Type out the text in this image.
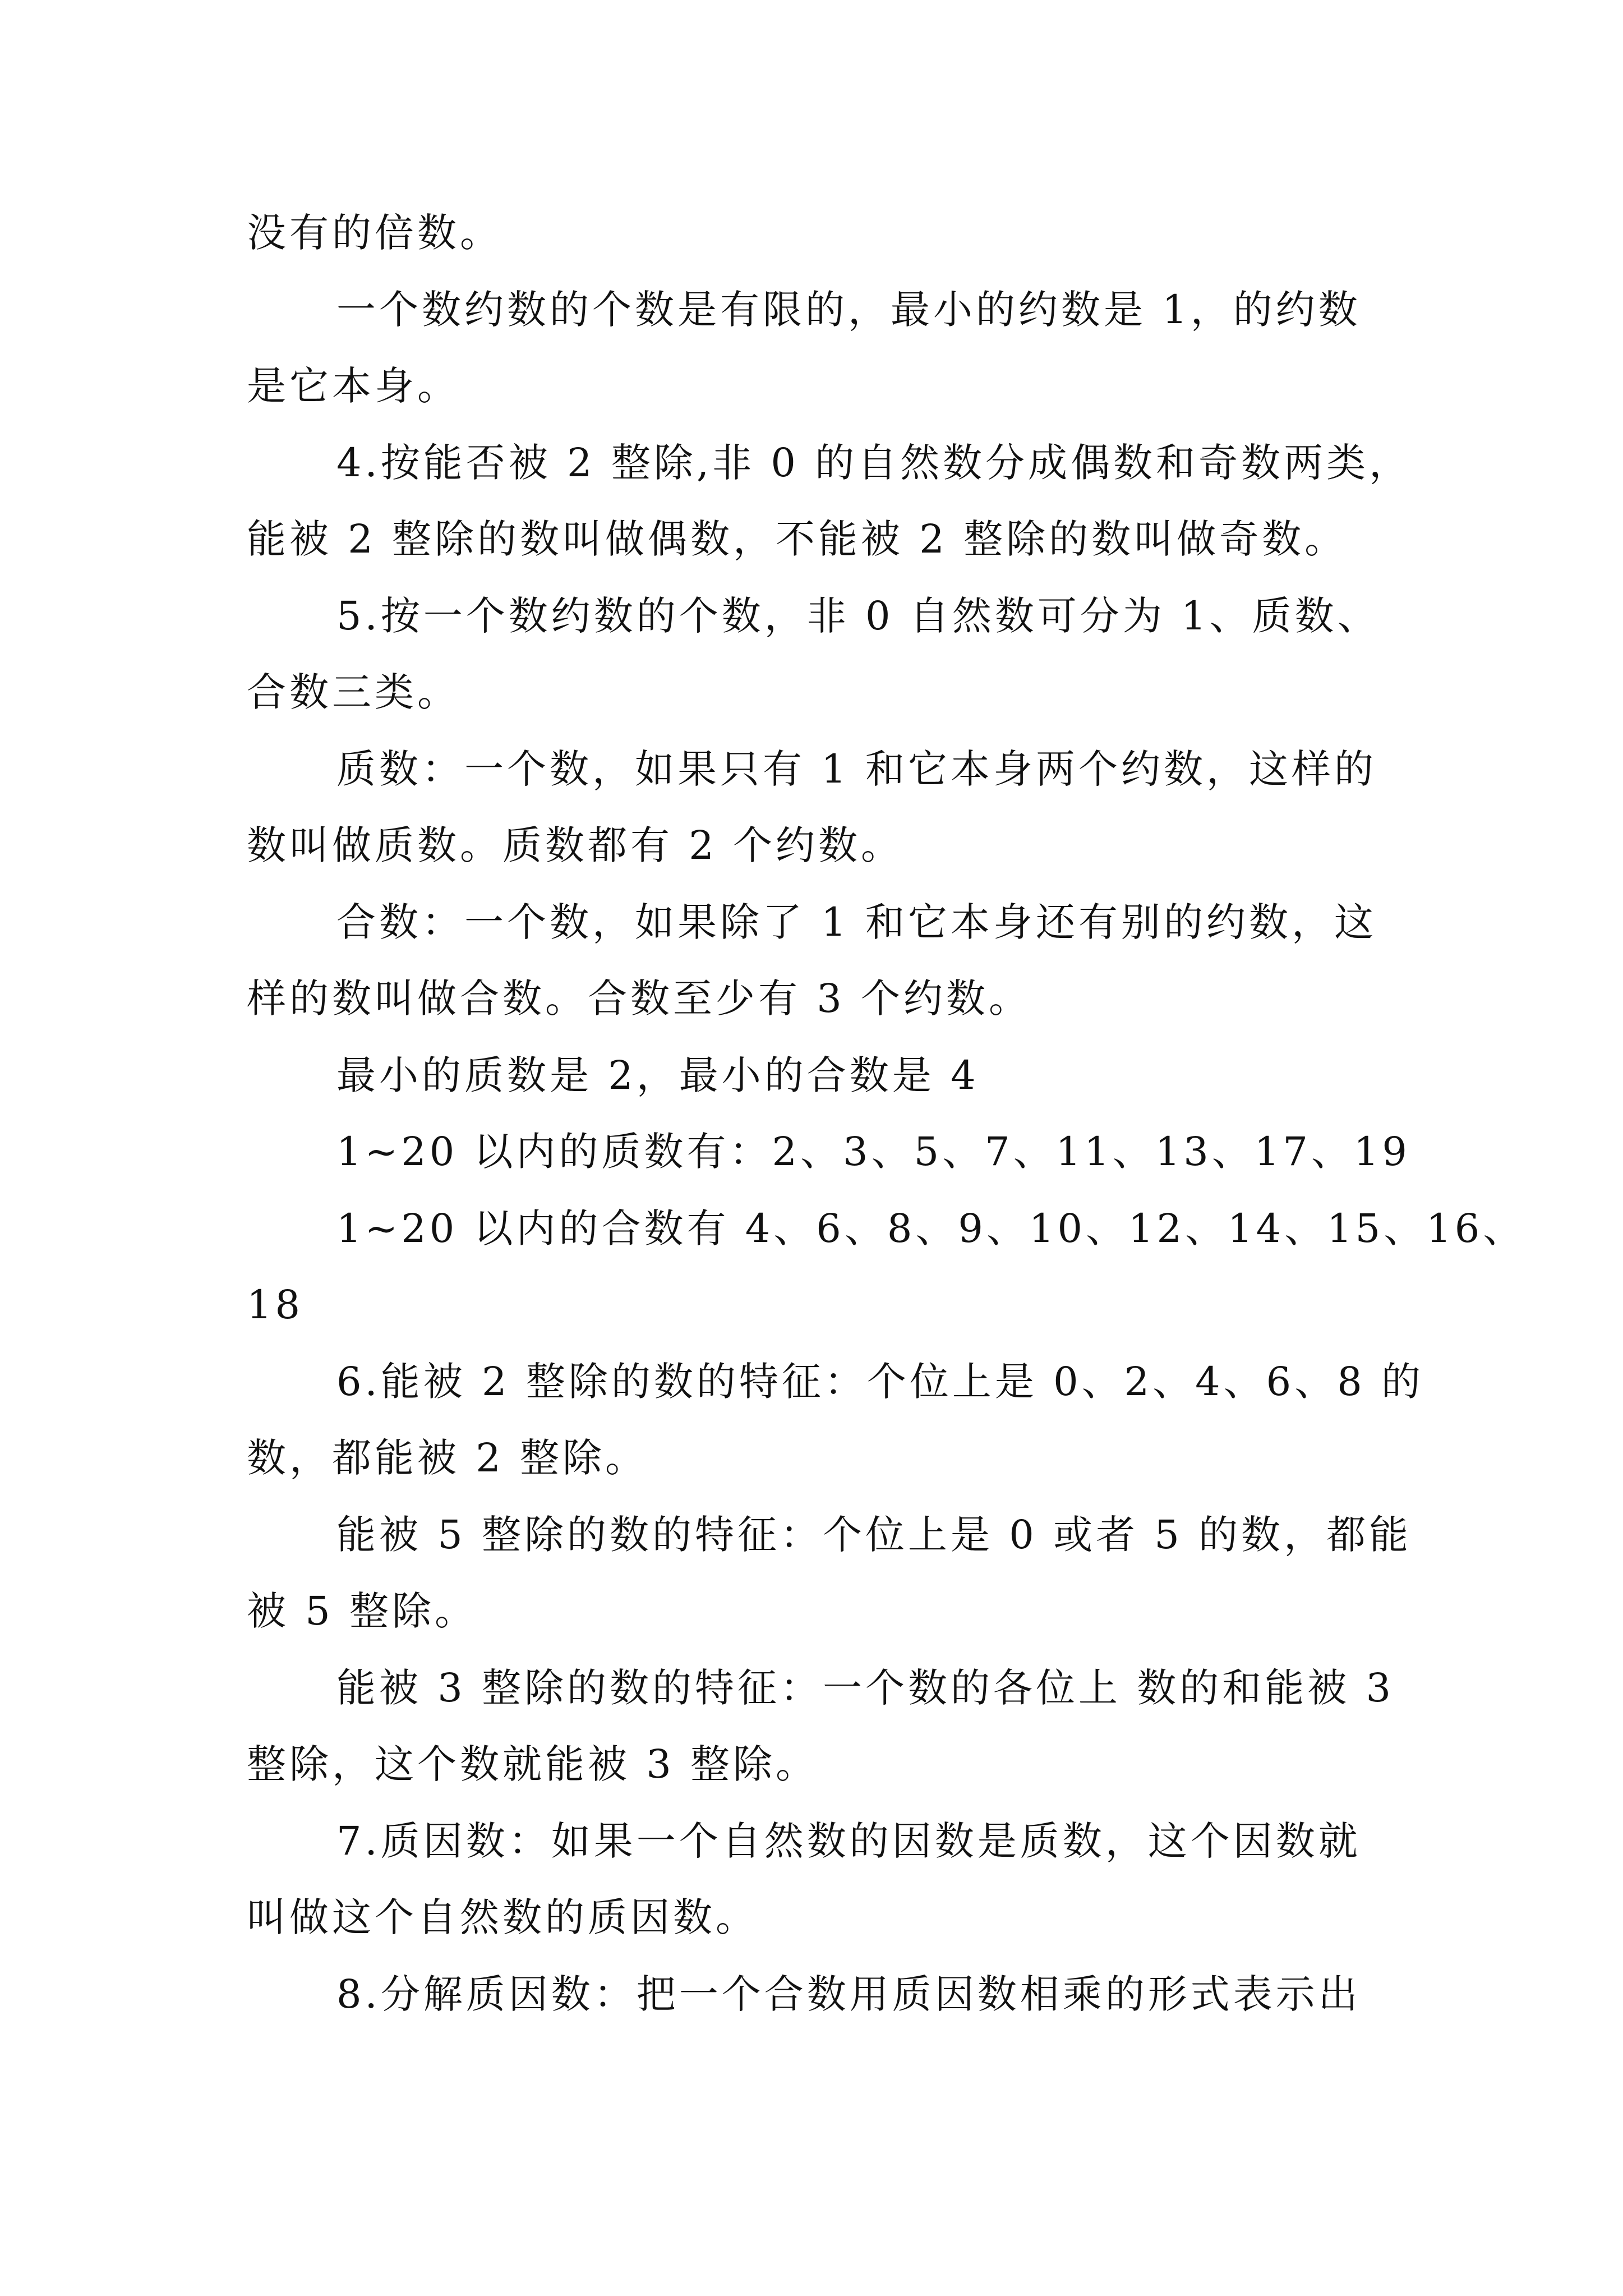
没有的倍数。
一个数约数的个数是有限的，最小的约数是 1，的约数
是它本身。
4.按能否被 2 整除,非 0 的自然数分成偶数和奇数两类，
能被 2 整除的数叫做偶数，不能被 2 整除的数叫做奇数。
5.按一个数约数的个数，非 0 自然数可分为 1、质数、
合数三类。
质数：一个数，如果只有 1 和它本身两个约数，这样的
数叫做质数。质数都有 2 个约数。
合数：一个数，如果除了 1 和它本身还有别的约数，这
样的数叫做合数。合数至少有 3 个约数。
最小的质数是 2，最小的合数是 4
1~20 以内的质数有：2、3、5、7、11、13、17、19
1~20 以内的合数有 4、6、8、9、10、12、14、15、16、
18
6.能被 2 整除的数的特征：个位上是 0、2、4、6、8 的
数，都能被 2 整除。
能被 5 整除的数的特征：个位上是 0 或者 5 的数，都能
被 5 整除。
能被 3 整除的数的特征：一个数的各位上 数的和能被 3
整除，这个数就能被 3 整除。
7.质因数：如果一个自然数的因数是质数，这个因数就
叫做这个自然数的质因数。
8.分解质因数：把一个合数用质因数相乘的形式表示出
